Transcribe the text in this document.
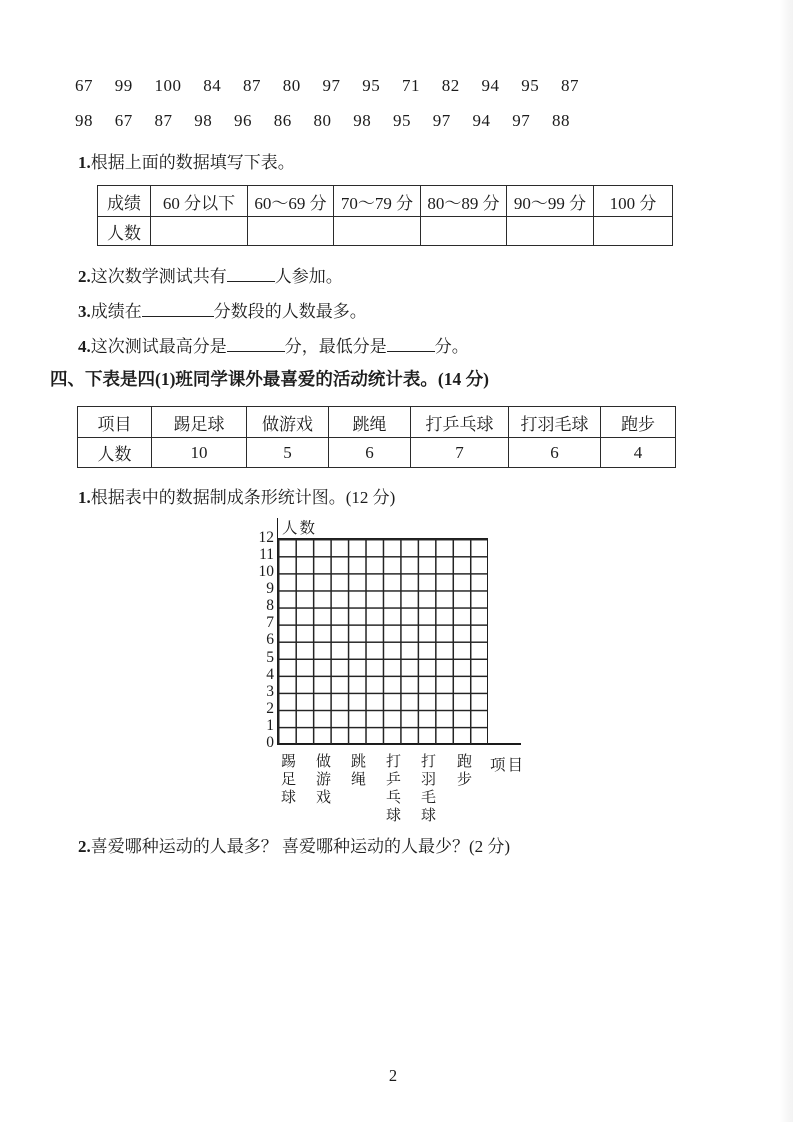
67 99 100 84 87 80 97 95 71 82 94 95 87
98 67 87 98 96 86 80 98 95 97 94 97 88
1.根据上面的数据填写下表。
成绩	60 分以下	60～69 分	70～79 分	80～89 分	90～99 分	100 分
人数						
2.这次数学测试共有	人参加。
3.成绩在	分数段的人数最多。
4.这次测试最高分是	分，最低分是	分。
四、下表是四(1)班同学课外最喜爱的活动统计表。(14 分)
项目	踢足球	做游戏	跳绳	打乒乓球	打羽毛球	跑步
人数	10	5	6	7	6	4
1.根据表中的数据制成条形统计图。(12 分)
人数
12
11
10
9
8
7
6
5
4
3
2
1
0
踢足球 做游戏 跳绳 打乒乓球 打羽毛球 跑步 项目
2.喜爱哪种运动的人最多？ 喜爱哪种运动的人最少？(2 分)
2
